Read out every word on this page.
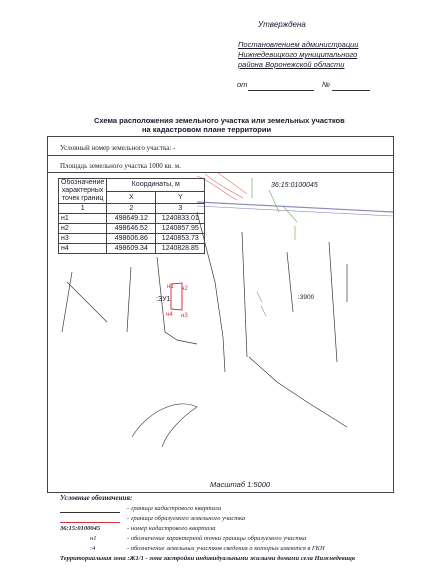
Утверждена
Постановлением администрации
Нижнедевицкого муниципального
района Воронежской области
от	№
Схема расположения земельного участка или земельных участков
на кадастровом плане территории
Условный номер земельного участка: -
Площадь земельного участка 1000 кв. м.
36:15:0100045
:ЗУ1
н1 н2
н3
н4
:3900
Обозначение
характерных
точек границ	Координаты, м	
	X	Y
1	2	3
н1	498649.12	1240833.01
н2	498646.52	1240857.95
н3	498606.86	1240853.73
н4	498609.34	1240828.85
Масштаб 1:5000
Условные обозначения:
- граница кадастрового квартала
- граница образуемого земельного участка
36:15:0100045	- номер кадастрового квартала
н1	- обозначение характерной точки границы образуемого участка
:4	- обозначение земельных участков сведения о которых имеются в ГКН
Территориальная зона :Ж1/1 - зона застройки индивидуальными жилыми домами села Нижнедевицк
